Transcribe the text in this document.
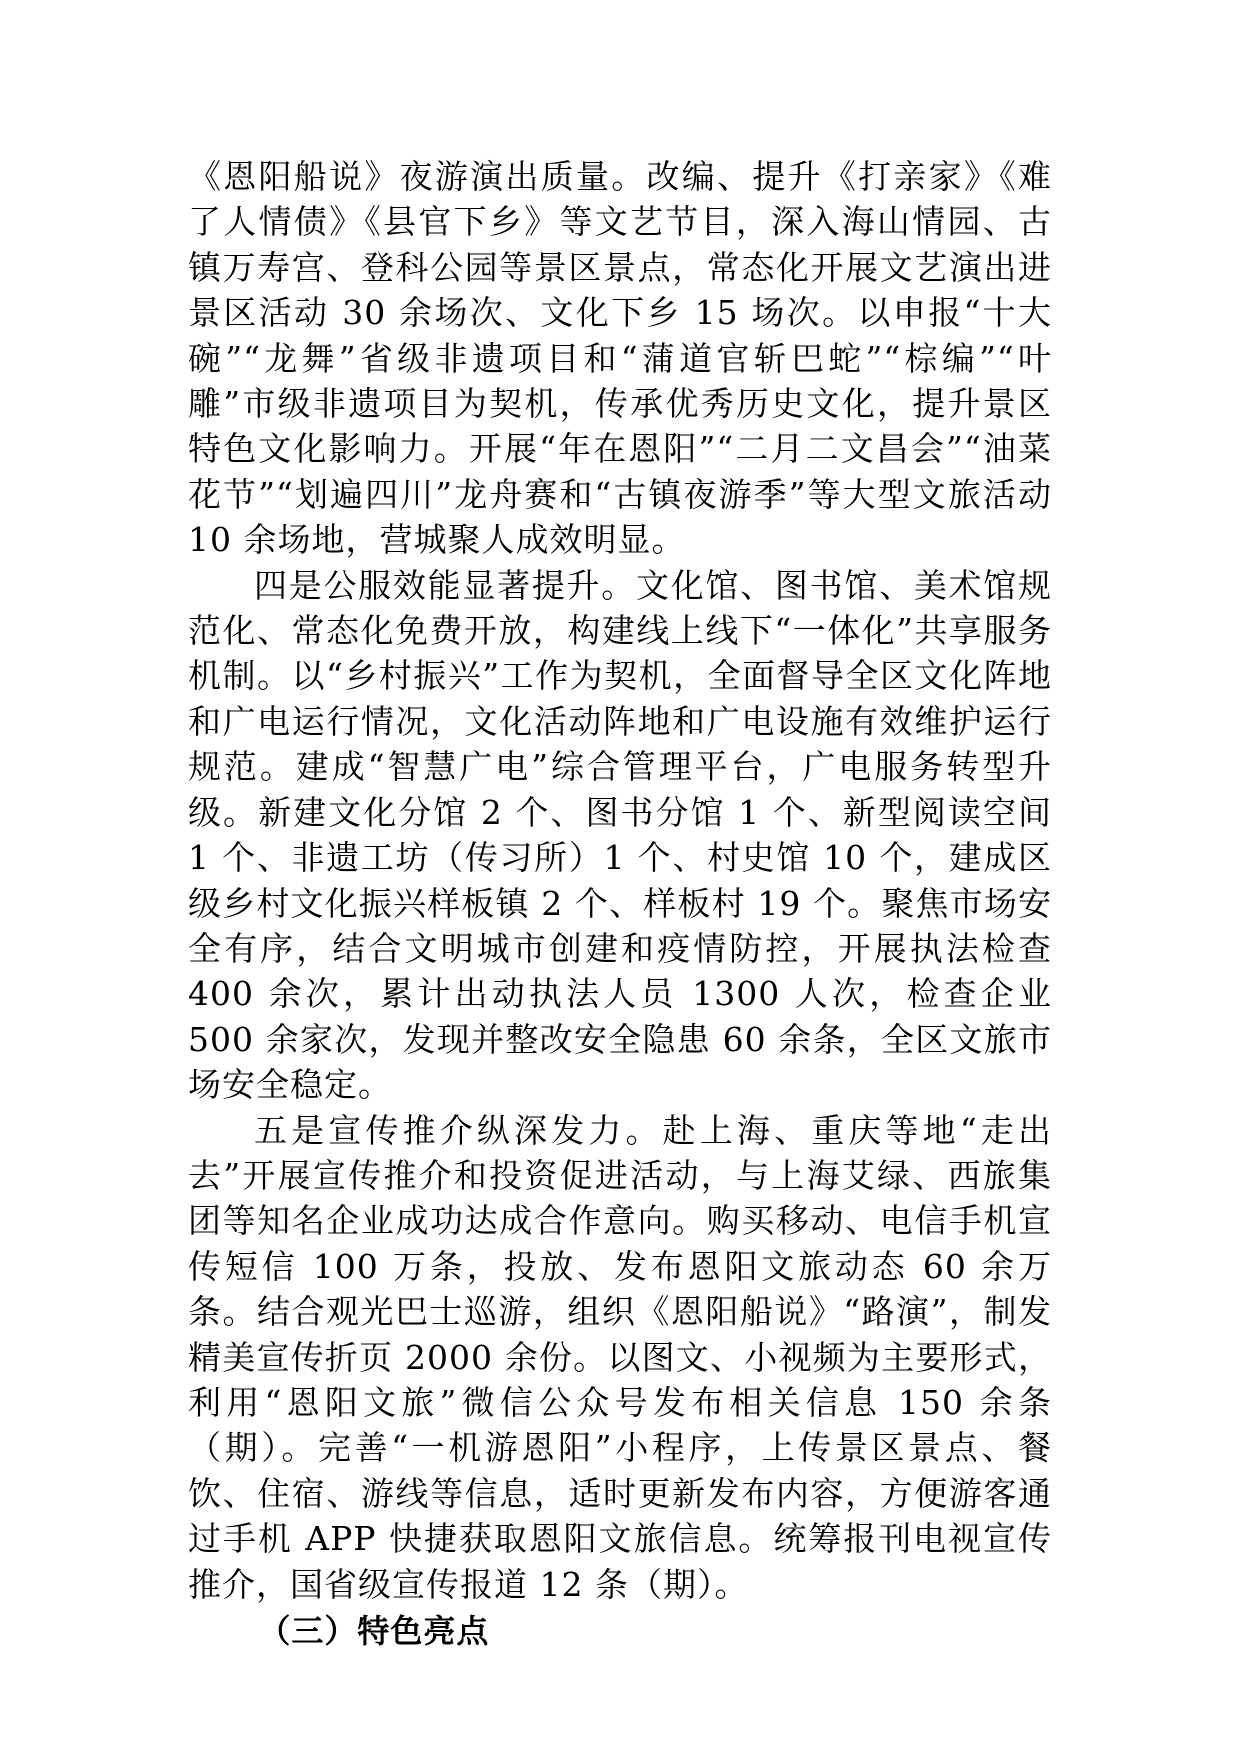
《恩阳船说》夜游演出质量。改编、提升《打亲家》《难了人情债》《县官下乡》等文艺节目，深入海山情园、古镇万寿宫、登科公园等景区景点，常态化开展文艺演出进景区活动 30 余场次、文化下乡 15 场次。以申报“十大碗”“龙舞”省级非遗项目和“蒲道官斩巴蛇”“棕编”“叶雕”市级非遗项目为契机，传承优秀历史文化，提升景区特色文化影响力。开展“年在恩阳”“二月二文昌会”“油菜花节”“划遍四川”龙舟赛和“古镇夜游季”等大型文旅活动 10 余场地，营城聚人成效明显。

四是公服效能显著提升。文化馆、图书馆、美术馆规范化、常态化免费开放，构建线上线下“一体化”共享服务机制。以“乡村振兴”工作为契机，全面督导全区文化阵地和广电运行情况，文化活动阵地和广电设施有效维护运行规范。建成“智慧广电”综合管理平台，广电服务转型升级。新建文化分馆 2 个、图书分馆 1 个、新型阅读空间 1 个、非遗工坊（传习所）1 个、村史馆 10 个，建成区级乡村文化振兴样板镇 2 个、样板村 19 个。聚焦市场安全有序，结合文明城市创建和疫情防控，开展执法检查 400 余次，累计出动执法人员 1300 人次，检查企业 500 余家次，发现并整改安全隐患 60 余条，全区文旅市场安全稳定。

五是宣传推介纵深发力。赴上海、重庆等地“走出去”开展宣传推介和投资促进活动，与上海艾绿、西旅集团等知名企业成功达成合作意向。购买移动、电信手机宣传短信 100 万条，投放、发布恩阳文旅动态 60 余万条。结合观光巴士巡游，组织《恩阳船说》“路演”，制发精美宣传折页 2000 余份。以图文、小视频为主要形式，利用“恩阳文旅”微信公众号发布相关信息 150 余条（期）。完善“一机游恩阳”小程序，上传景区景点、餐饮、住宿、游线等信息，适时更新发布内容，方便游客通过手机 APP 快捷获取恩阳文旅信息。统筹报刊电视宣传推介，国省级宣传报道 12 条（期）。

（三）特色亮点
